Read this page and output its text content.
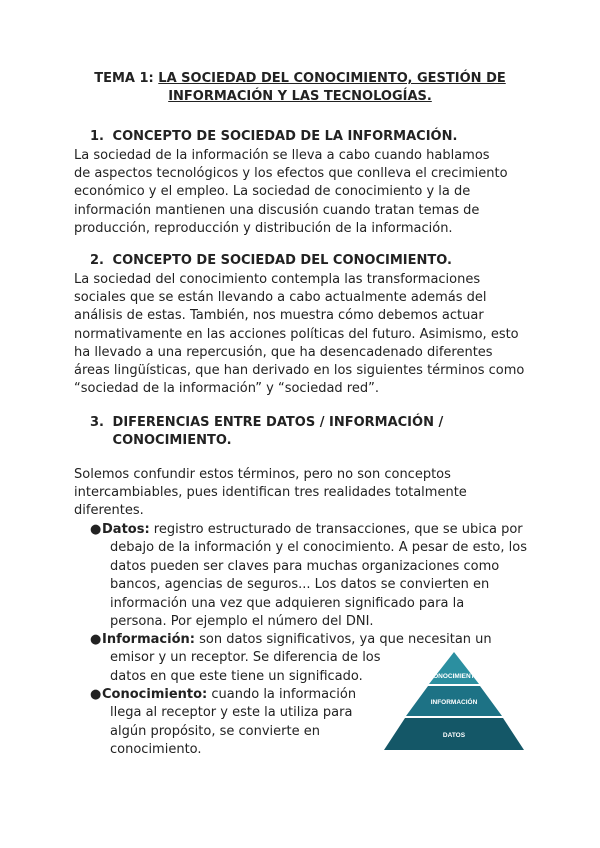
TEMA 1: LA SOCIEDAD DEL CONOCIMIENTO, GESTIÓN DE
INFORMACIÓN Y LAS TECNOLOGÍAS.
1. CONCEPTO DE SOCIEDAD DE LA INFORMACIÓN.
La sociedad de la información se lleva a cabo cuando hablamos
de aspectos tecnológicos y los efectos que conlleva el crecimiento
económico y el empleo. La sociedad de conocimiento y la de
información mantienen una discusión cuando tratan temas de
producción, reproducción y distribución de la información.
2. CONCEPTO DE SOCIEDAD DEL CONOCIMIENTO.
La sociedad del conocimiento contempla las transformaciones
sociales que se están llevando a cabo actualmente además del
análisis de estas. También, nos muestra cómo debemos actuar
normativamente en las acciones políticas del futuro. Asimismo, esto
ha llevado a una repercusión, que ha desencadenado diferentes
áreas lingüísticas, que han derivado en los siguientes términos como
“sociedad de la información” y “sociedad red”.
3. DIFERENCIAS ENTRE DATOS / INFORMACIÓN /
CONOCIMIENTO.
Solemos confundir estos términos, pero no son conceptos
intercambiables, pues identifican tres realidades totalmente
diferentes.
● Datos: registro estructurado de transacciones, que se ubica por
debajo de la información y el conocimiento. A pesar de esto, los
datos pueden ser claves para muchas organizaciones como
bancos, agencias de seguros... Los datos se convierten en
información una vez que adquieren significado para la
persona. Por ejemplo el número del DNI.
● Información: son datos significativos, ya que necesitan un
emisor y un receptor. Se diferencia de los
datos en que este tiene un significado.
● Conocimiento: cuando la información
llega al receptor y este la utiliza para
algún propósito, se convierte en
conocimiento.
CONOCIMIENTO
INFORMACIÓN
DATOS
